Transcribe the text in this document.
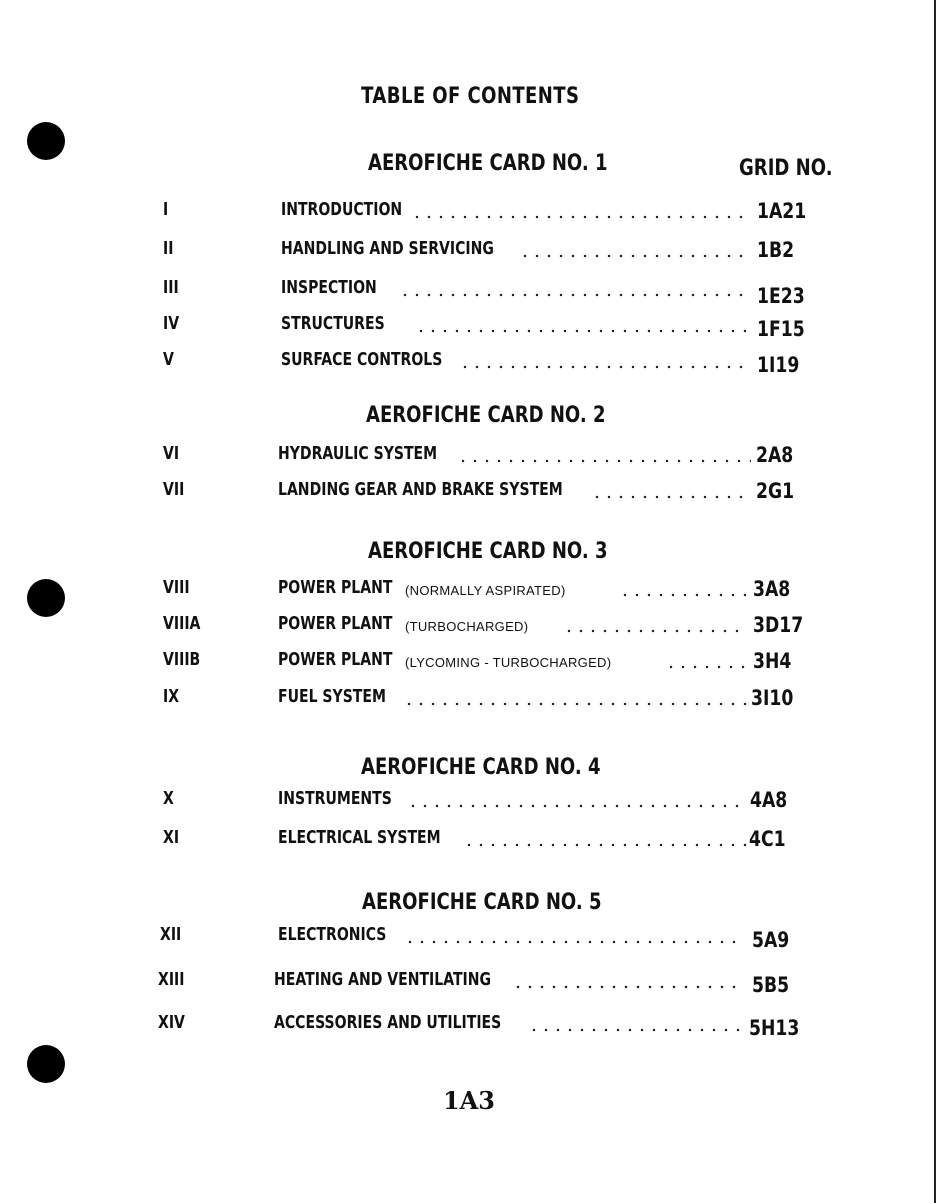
TABLE OF CONTENTS
GRID NO.
AEROFICHE CARD NO. 1
I	INTRODUCTION	1A21
II	HANDLING AND SERVICING	1B2
III	INSPECTION	1E23
IV	STRUCTURES	1F15
V	SURFACE CONTROLS	1I19
AEROFICHE CARD NO. 2
VI	HYDRAULIC SYSTEM	2A8
VII	LANDING GEAR AND BRAKE SYSTEM	2G1
AEROFICHE CARD NO. 3
VIII	POWER PLANT (NORMALLY ASPIRATED)	3A8
VIIIA	POWER PLANT (TURBOCHARGED)	3D17
VIIIB	POWER PLANT (LYCOMING - TURBOCHARGED)	3H4
IX	FUEL SYSTEM	3I10
AEROFICHE CARD NO. 4
X	INSTRUMENTS	4A8
XI	ELECTRICAL SYSTEM	4C1
AEROFICHE CARD NO. 5
XII	ELECTRONICS	5A9
XIII	HEATING AND VENTILATING	5B5
XIV	ACCESSORIES AND UTILITIES	5H13
1A3
